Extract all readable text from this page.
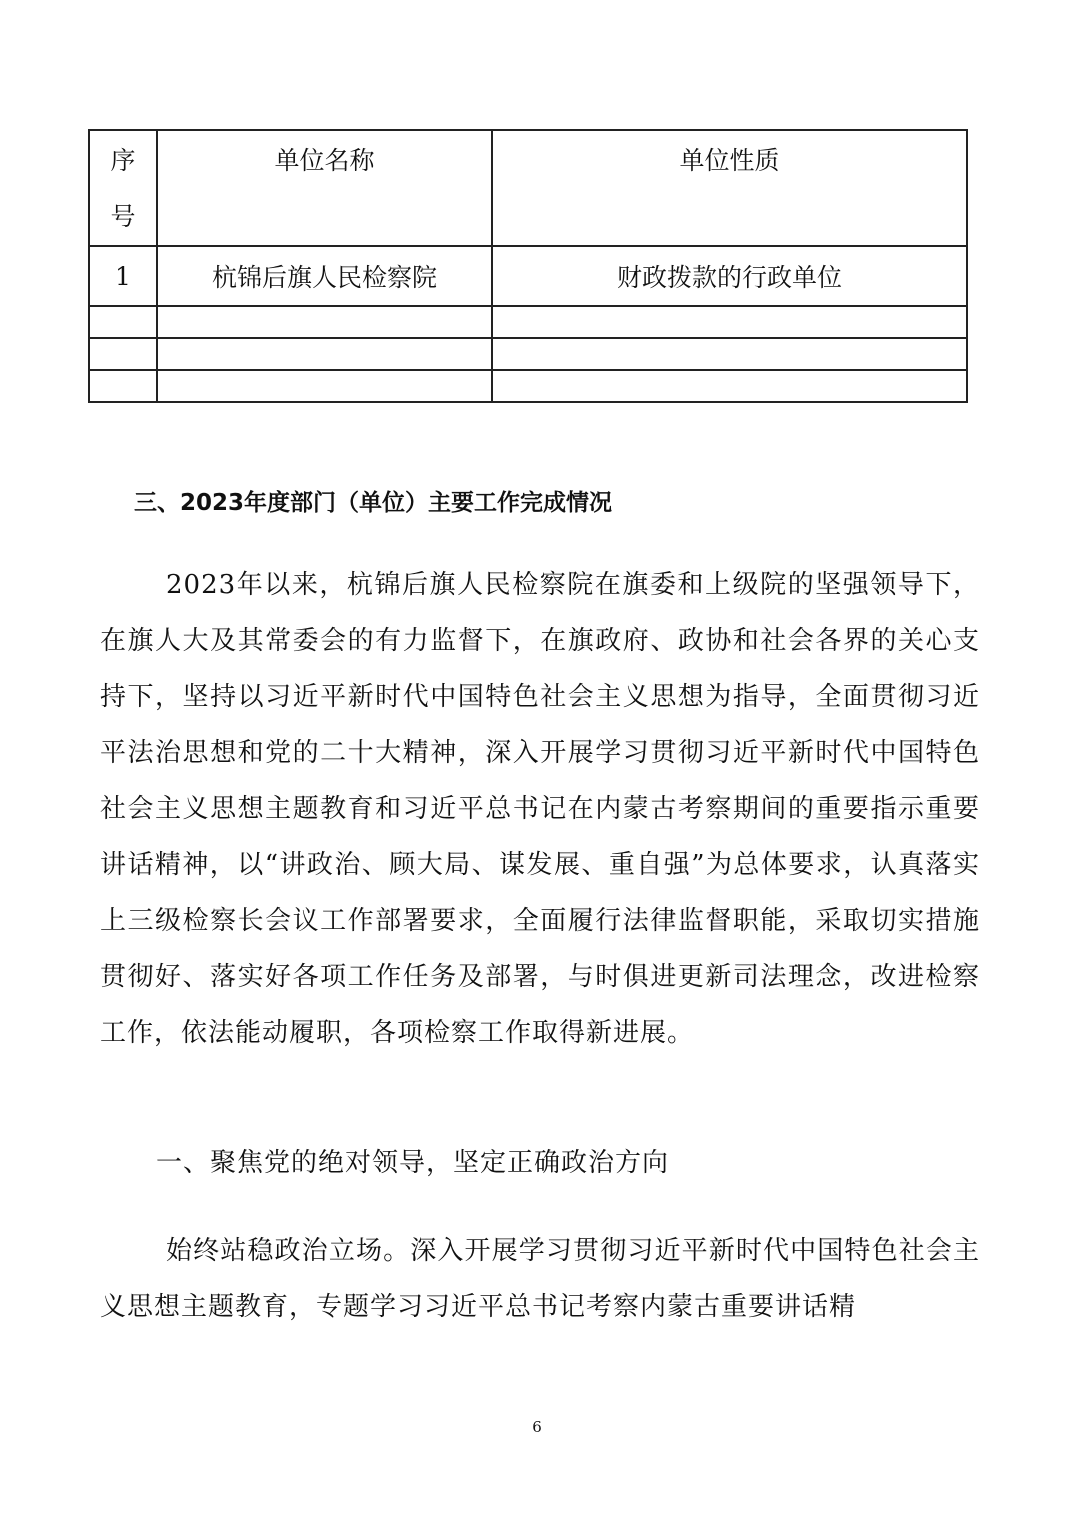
序
号	单位名称	单位性质
1	杭锦后旗人民检察院	财政拨款的行政单位

三、2023年度部门（单位）主要工作完成情况

2023年以来，杭锦后旗人民检察院在旗委和上级院的坚强领导下，在旗人大及其常委会的有力监督下，在旗政府、政协和社会各界的关心支持下，坚持以习近平新时代中国特色社会主义思想为指导，全面贯彻习近平法治思想和党的二十大精神，深入开展学习贯彻习近平新时代中国特色社会主义思想主题教育和习近平总书记在内蒙古考察期间的重要指示重要讲话精神，以“讲政治、顾大局、谋发展、重自强”为总体要求，认真落实上三级检察长会议工作部署要求，全面履行法律监督职能，采取切实措施贯彻好、落实好各项工作任务及部署，与时俱进更新司法理念，改进检察工作，依法能动履职，各项检察工作取得新进展。

一、聚焦党的绝对领导，坚定正确政治方向

始终站稳政治立场。深入开展学习贯彻习近平新时代中国特色社会主义思想主题教育，专题学习习近平总书记考察内蒙古重要讲话精

6
